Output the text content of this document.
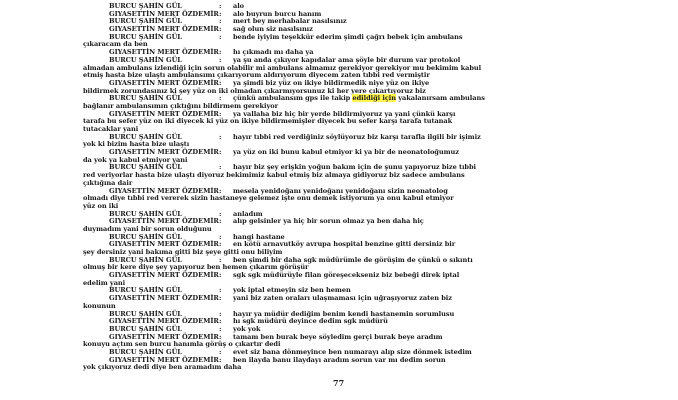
BURCU ŞAHİN GÜL	: alo
GIYASETTİN MERT ÖZDEMİR: alo buyrun burcu hanım
BURCU ŞAHİN GÜL	: mert bey merhabalar nasılsınız
GIYASETTİN MERT ÖZDEMİR: sağ olun siz nasılsınız
BURCU ŞAHİN GÜL	: bende iyiyim teşekkür ederim şimdi çağrı bebek için ambulans
çıkaracam da ben
GIYASETTİN MERT ÖZDEMİR: hı çıkmadı mı daha ya
BURCU ŞAHİN GÜL	: ya şu anda çıkıyor kapıdalar ama şöyle bir durum var protokol
almadan ambulans izlendiği için sorun olabilir mi ambulans almamız gerekiyor gerekiyor mu bekimim kabul
etmiş hasta bize ulaştı ambulansımı çıkarıyorum aldırıyorum diyecem zaten tıbbi red vermiştir
GIYASETTİN MERT ÖZDEMİR: ya şimdi biz yüz on ikiye bildirmedik niye yüz on ikiye
bildirmek zorundasınız ki şey yüz on iki olmadan çıkarmıyorsunuz ki her yere çıkartıyoruz biz
BURCU ŞAHİN GÜL	: çünkü ambulansım gps ile takip edildiği için yakalanırsam ambulans
bağlanır ambulansımın çıktığını bildirmem gerekiyor
GIYASETTİN MERT ÖZDEMİR: ya vallaha biz hiç bir yerde bildirmiyoruz ya yani çünkü karşı
tarafa bu sefer yüz on iki diyecek ki yüz on ikiye bildirmemişler diyecek bu sefer karşı tarafa tutanak
tutacaklar yani
BURCU ŞAHİN GÜL	: hayır tıbbi red verdiğiniz söylüyoruz biz karşı tarafla ilgili bir işimiz
yok ki bizim hasta bize ulaştı
GIYASETTİN MERT ÖZDEMİR: ya yüz on iki bunu kabul etmiyor ki ya bir de neonatoloğumuz
da yok ya kabul etmiyor yani
BURCU ŞAHİN GÜL	: hayır biz şey erişkin yoğun bakım için de şunu yapıyoruz bize tıbbi
red veriyorlar hasta bize ulaştı diyoruz bekimimiz kabul etmiş biz almaya gidiyoruz biz sadece ambulans
çıktığına dair
GIYASETTİN MERT ÖZDEMİR: mesela yenidoğanı yenidoğanı yenidoğanı sizin neonatolog
olmadı diye tıbbi red vererek sizin hastaneye gelemez işte onu demek istiyorum ya onu kabul etmiyor
yüz on iki
BURCU ŞAHİN GÜL	: anladım
GIYASETTİN MERT ÖZDEMİR: alıp gelsinler ya hiç bir sorun olmaz ya ben daha hiç
duymadım yani bir sorun olduğunu
BURCU ŞAHİN GÜL	: hangi hastane
GIYASETTİN MERT ÖZDEMİR: en kötü arnavutköy avrupa hospital benzine gitti dersiniz bir
şey dersiniz yani bakıma gitti biz şeye gitti onu biliyim
BURCU ŞAHİN GÜL	: ben şimdi bir daha sgk müdürümle de görüşim de çünkü o sıkıntı
olmuş bir kere diye şey yapıyoruz ben hemen çıkarım görüşür
GIYASETTİN MERT ÖZDEMİR: sgk sgk müdürüyle filan göreşecekseniz biz bebeği direk iptal
edelim yani
BURCU ŞAHİN GÜL	: yok iptal etmeyin siz ben hemen
GIYASETTİN MERT ÖZDEMİR: yani biz zaten oraları ulaşmaması için uğraşıyoruz zaten biz
konunun
BURCU ŞAHİN GÜL	: hayır ya müdür dediğim benim kendi hastanemin sorumlusu
GIYASETTİN MERT ÖZDEMİR: hı sgk müdürü deyince dedim sgk müdürü
BURCU ŞAHİN GÜL	: yok yok
GIYASETTİN MERT ÖZDEMİR: tamam ben burak beye söyledim gerçi burak beye aradım
konuyu açtım sen burcu hanımla görüş o çıkartır dedi
BURCU ŞAHİN GÜL	: evet siz bana dönmeyince ben numarayı alıp size dönmek istedim
GIYASETTİN MERT ÖZDEMİR: ben ilayda banu ilaydayı aradım sorun var mı dedim sorun
yok çıkıyoruz dedi diye ben aramadım daha
77
